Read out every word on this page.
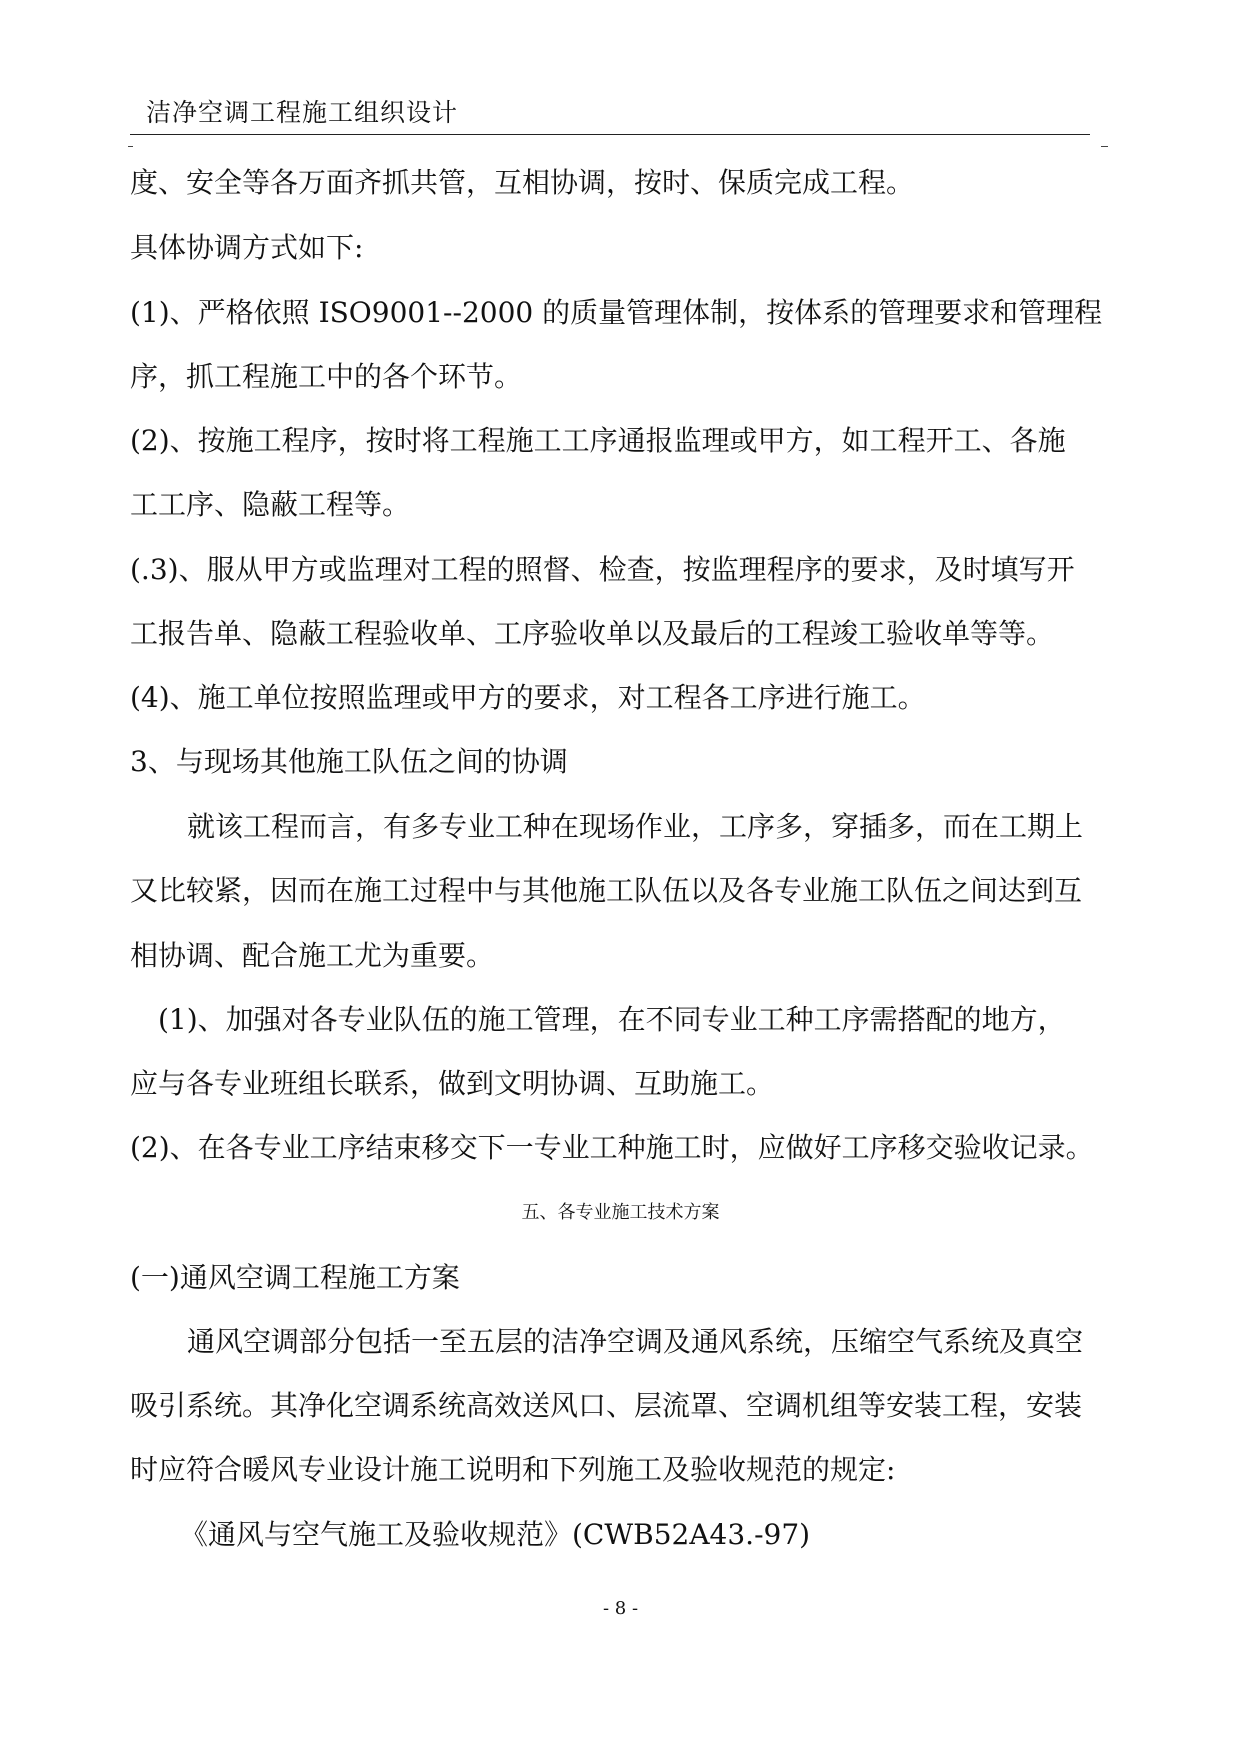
洁净空调工程施工组织设计
度、安全等各万面齐抓共管，互相协调，按时、保质完成工程。
具体协调方式如下:
(1)、严格依照 ISO9001--2000 的质量管理体制，按体系的管理要求和管理程
序，抓工程施工中的各个环节。
(2)、按施工程序，按时将工程施工工序通报监理或甲方，如工程开工、各施
工工序、隐蔽工程等。
(.3)、服从甲方或监理对工程的照督、检查，按监理程序的要求，及时填写开
工报告单、隐蔽工程验收单、工序验收单以及最后的工程竣工验收单等等。
(4)、施工单位按照监理或甲方的要求，对工程各工序进行施工。
3、与现场其他施工队伍之间的协调
就该工程而言，有多专业工种在现场作业，工序多，穿插多，而在工期上
又比较紧，因而在施工过程中与其他施工队伍以及各专业施工队伍之间达到互
相协调、配合施工尤为重要。
(1)、加强对各专业队伍的施工管理，在不同专业工种工序需搭配的地方，
应与各专业班组长联系，做到文明协调、互助施工。
(2)、在各专业工序结束移交下一专业工种施工时，应做好工序移交验收记录。
五、各专业施工技术方案
(一)通风空调工程施工方案
通风空调部分包括一至五层的洁净空调及通风系统，压缩空气系统及真空
吸引系统。其净化空调系统高效送风口、层流罩、空调机组等安装工程，安装
时应符合暖风专业设计施工说明和下列施工及验收规范的规定:
《通风与空气施工及验收规范》(CWB52A43.-97)
- 8 -
